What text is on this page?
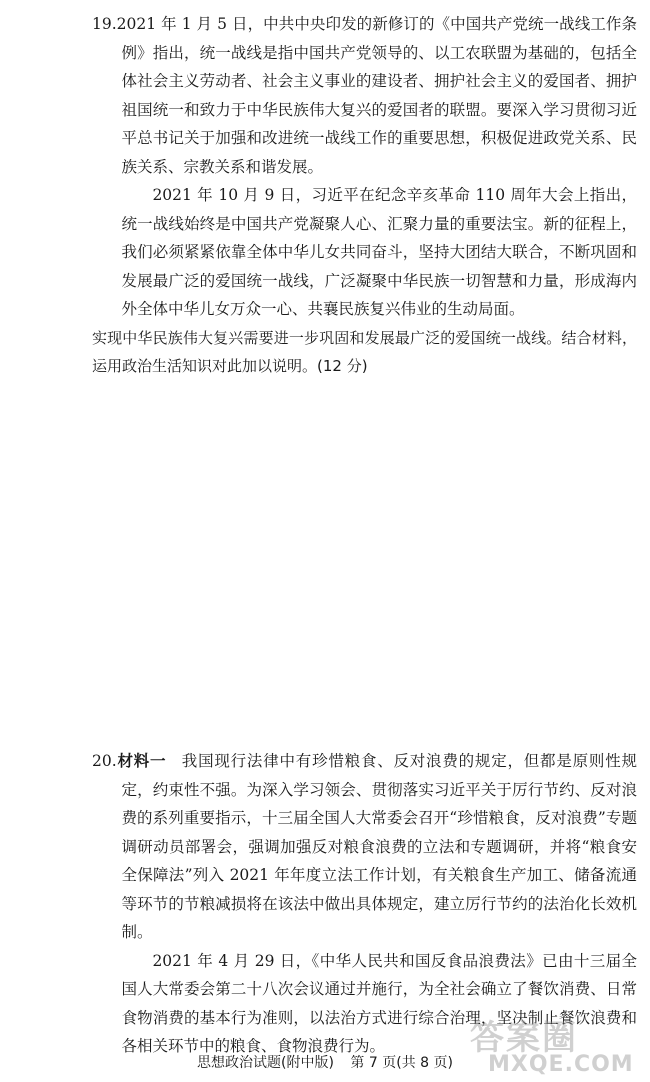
19.2021 年 1 月 5 日，中共中央印发的新修订的《中国共产党统一战线工作条例》指出，统一战线是指中国共产党领导的、以工农联盟为基础的，包括全体社会主义劳动者、社会主义事业的建设者、拥护社会主义的爱国者、拥护祖国统一和致力于中华民族伟大复兴的爱国者的联盟。要深入学习贯彻习近平总书记关于加强和改进统一战线工作的重要思想，积极促进政党关系、民族关系、宗教关系和谐发展。

2021 年 10 月 9 日，习近平在纪念辛亥革命 110 周年大会上指出，统一战线始终是中国共产党凝聚人心、汇聚力量的重要法宝。新的征程上，我们必须紧紧依靠全体中华儿女共同奋斗，坚持大团结大联合，不断巩固和发展最广泛的爱国统一战线，广泛凝聚中华民族一切智慧和力量，形成海内外全体中华儿女万众一心、共襄民族复兴伟业的生动局面。

实现中华民族伟大复兴需要进一步巩固和发展最广泛的爱国统一战线。结合材料，运用政治生活知识对此加以说明。(12 分)

20.材料一 我国现行法律中有珍惜粮食、反对浪费的规定，但都是原则性规定，约束性不强。为深入学习领会、贯彻落实习近平关于厉行节约、反对浪费的系列重要指示，十三届全国人大常委会召开“珍惜粮食，反对浪费”专题调研动员部署会，强调加强反对粮食浪费的立法和专题调研，并将“粮食安全保障法”列入 2021 年年度立法工作计划，有关粮食生产加工、储备流通等环节的节粮减损将在该法中做出具体规定，建立厉行节约的法治化长效机制。

2021 年 4 月 29 日，《中华人民共和国反食品浪费法》已由十三届全国人大常委会第二十八次会议通过并施行，为全社会确立了餐饮消费、日常食物消费的基本行为准则，以法治方式进行综合治理，坚决制止餐饮浪费和各相关环节中的粮食、食物浪费行为。

思想政治试题(附中版) 第 7 页(共 8 页)
答案圈
MXQE.COM
